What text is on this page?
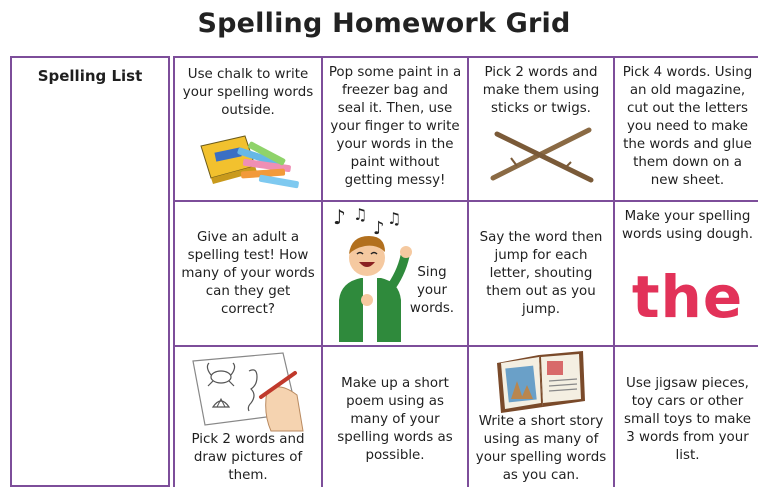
Spelling Homework Grid
Spelling List	Use chalk to write your spelling words outside.
Pop some paint in a freezer bag and seal it. Then, use your finger to write your words in the paint without getting messy!
Pick 2 words and make them using sticks or twigs.
Pick 4 words. Using an old magazine, cut out the letters you need to make the words and glue them down on a new sheet.
Give an adult a spelling test! How many of your words can they get correct?
♪ ♫
♪ ♫
Sing your words.
Say the word then jump for each letter, shouting them out as you jump.
Make your spelling words using dough.
the
Pick 2 words and draw pictures of them.
Make up a short poem using as many of your spelling words as possible.
Write a short story using as many of your spelling words as you can.
Use jigsaw pieces, toy cars or other small toys to make 3 words from your list.
